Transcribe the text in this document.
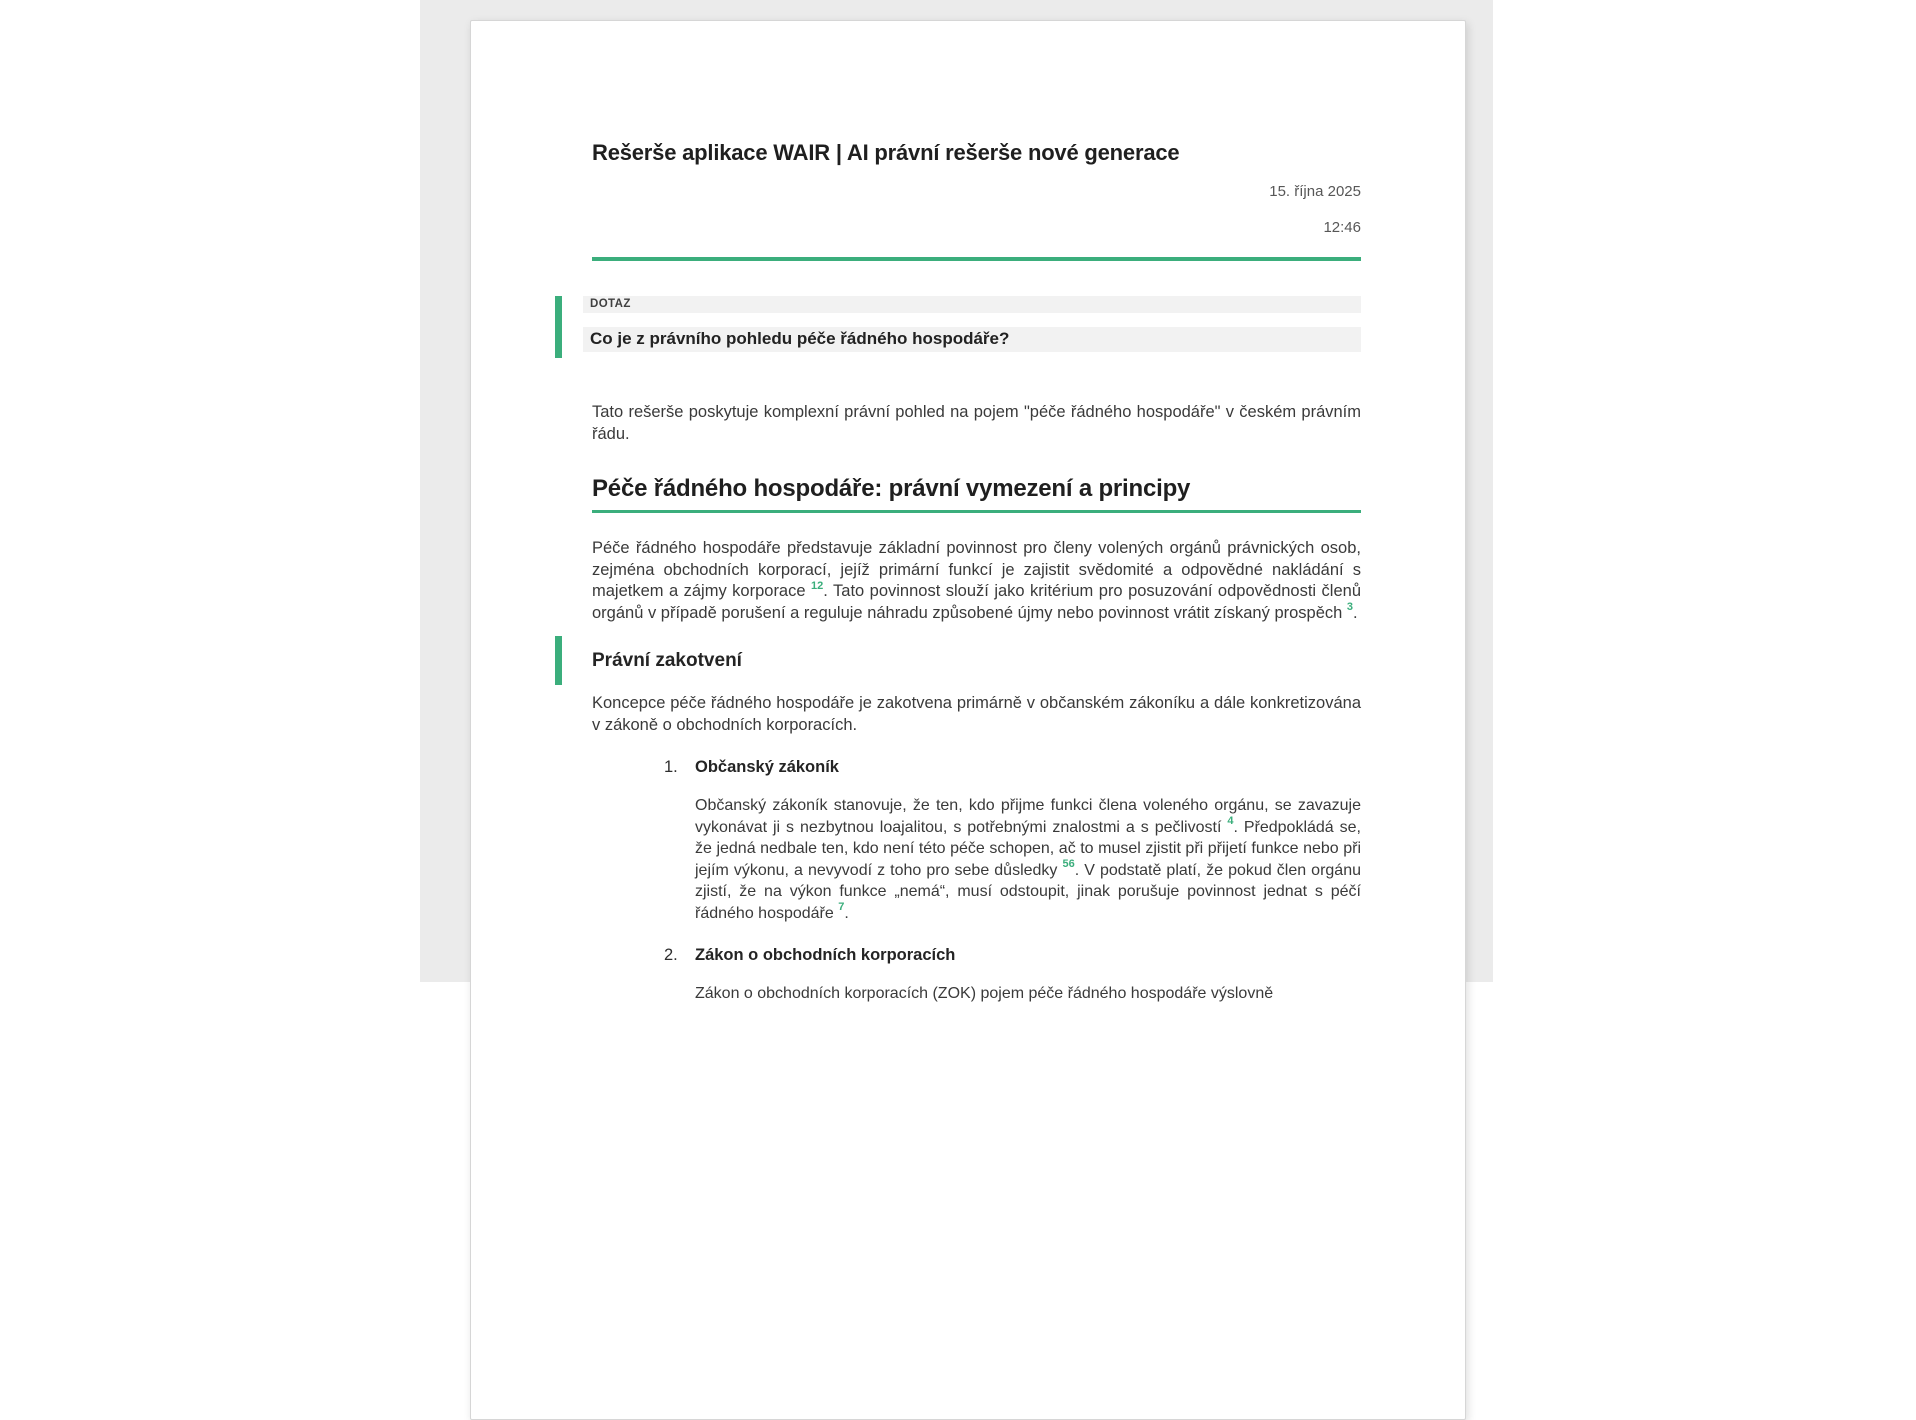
Rešerše aplikace WAIR | AI právní rešerše nové generace
15. října 2025
12:46
DOTAZ
Co je z právního pohledu péče řádného hospodáře?

Tato rešerše poskytuje komplexní právní pohled na pojem "péče řádného hospodáře" v českém právním řádu.

Péče řádného hospodáře: právní vymezení a principy

Péče řádného hospodáře představuje základní povinnost pro členy volených orgánů právnických osob, zejména obchodních korporací, jejíž primární funkcí je zajistit svědomité a odpovědné nakládání s majetkem a zájmy korporace $^{12}$. Tato povinnost slouží jako kritérium pro posuzování odpovědnosti členů orgánů v případě porušení a reguluje náhradu způsobené újmy nebo povinnost vrátit získaný prospěch $^3$.

Právní zakotvení

Koncepce péče řádného hospodáře je zakotvena primárně v občanském zákoníku a dále konkretizována v zákoně o obchodních korporacích.

1. Občanský zákoník

Občanský zákoník stanovuje, že ten, kdo přijme funkci člena voleného orgánu, se zavazuje vykonávat ji s nezbytnou loajalitou, s potřebnými znalostmi a s pečlivostí $^4$. Předpokládá se, že jedná nedbale ten, kdo není této péče schopen, ač to musel zjistit při přijetí funkce nebo při jejím výkonu, a nevyvodí z toho pro sebe důsledky $^{56}$. V podstatě platí, že pokud člen orgánu zjistí, že na výkon funkce „nemá“, musí odstoupit, jinak porušuje povinnost jednat s péčí řádného hospodáře $^7$.

2. Zákon o obchodních korporacích

Zákon o obchodních korporacích (ZOK) pojem péče řádného hospodáře výslovně
